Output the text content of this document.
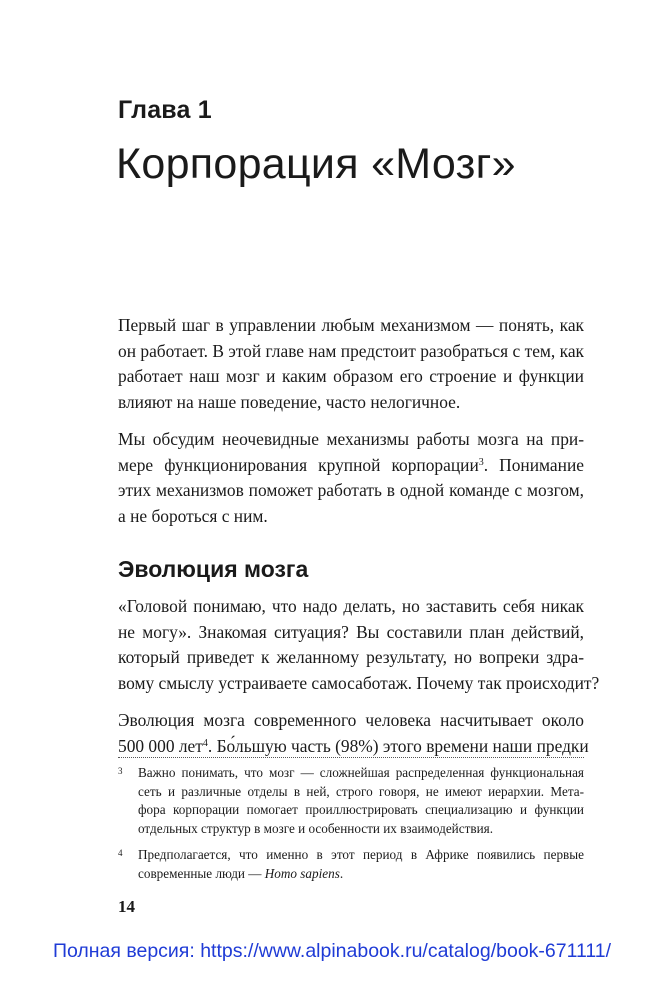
Глава 1
Корпорация «Мозг»

Первый шаг в управлении любым механизмом — понять, как
он работает. В этой главе нам предстоит разобраться с тем, как
работает наш мозг и каким образом его строение и функции
влияют на наше поведение, часто нелогичное.

Мы обсудим неочевидные механизмы работы мозга на при-
мере функционирования крупной корпорации$^3$. Понимание
этих механизмов поможет работать в одной команде с мозгом,
а не бороться с ним.

Эволюция мозга

«Головой понимаю, что надо делать, но заставить себя никак
не могу». Знакомая ситуация? Вы составили план действий,
который приведет к желанному результату, но вопреки здра-
вому смыслу устраиваете самосаботаж. Почему так происходит?

Эволюция мозга современного человека насчитывает около
500 000 лет$^4$. Бо́льшую часть (98%) этого времени наши предки

3 Важно понимать, что мозг — сложнейшая распределенная функциональная
сеть и различные отделы в ней, строго говоря, не имеют иерархии. Мета-
фора корпорации помогает проиллюстрировать специализацию и функции
отдельных структур в мозге и особенности их взаимодействия.
4 Предполагается, что именно в этот период в Африке появились первые
современные люди — Homo sapiens.
14
Полная версия: https://www.alpinabook.ru/catalog/book-671111/
